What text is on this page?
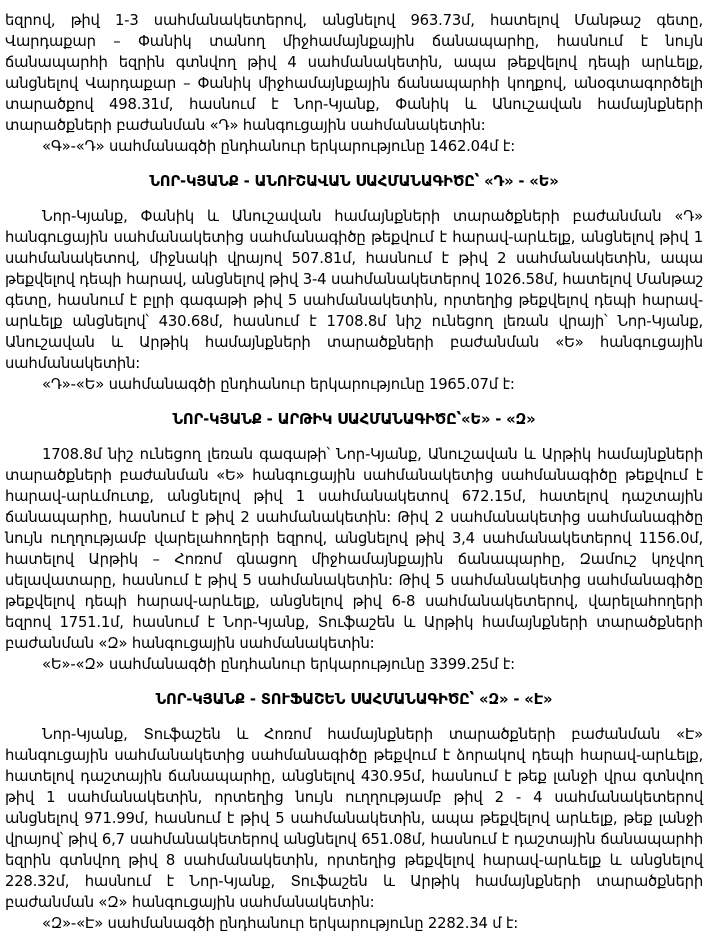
եզրով, թիվ 1-3 սահմանակետերով, անցնելով 963.73մ, հատելով Մանթաշ գետը, Վարդաքար – Փանիկ տանող միջհամայնքային ճանապարհը, հասնում է նույն ճանապարհի եզրին գտնվող թիվ 4 սահմանակետին, ապա թեքվելով դեպի արևելք, անցնելով Վարդաքար – Փանիկ միջհամայնքային ճանապարհի կողքով, անօգտագործելի տարածքով 498.31մ, հասնում է Նոր-Կյանք, Փանիկ և Անուշավան համայնքների տարածքների բաժանման «Դ» հանգուցային սահմանակետին:

«Գ»-«Դ» սահմանագծի ընդհանուր երկարությունը 1462.04մ է:

ՆՈՐ-ԿՅԱՆՔ - ԱՆՈՒՇԱՎԱՆ ՍԱՀՄԱՆԱԳԻԾԸ՝ «Դ» - «Ե»

Նոր-Կյանք, Փանիկ և Անուշավան համայնքների տարածքների բաժանման «Դ» հանգուցային սահմանակետից սահմանագիծը թեքվում է հարավ-արևելք, անցնելով թիվ 1 սահմանակետով, միջնակի վրայով 507.81մ, հասնում է թիվ 2 սահմանակետին, ապա թեքվելով դեպի հարավ, անցնելով թիվ 3-4 սահմանակետերով 1026.58մ, հատելով Մանթաշ գետը, հասնում է բլրի գագաթի թիվ 5 սահմանակետին, որտեղից թեքվելով դեպի հարավ-արևելք անցնելով՝ 430.68մ, հասնում է 1708.8մ նիշ ունեցող լեռան վրայի՝ Նոր-Կյանք, Անուշավան և Արթիկ համայնքների տարածքների բաժանման «Ե» հանգուցային սահմանակետին:

«Դ»-«Ե» սահմանագծի ընդհանուր երկարությունը 1965.07մ է:

ՆՈՐ-ԿՅԱՆՔ - ԱՐԹԻԿ ՍԱՀՄԱՆԱԳԻԾԸ՝«Ե» - «Զ»

1708.8մ նիշ ունեցող լեռան գագաթի՝ Նոր-Կյանք, Անուշավան և Արթիկ համայնքների տարածքների բաժանման «Ե» հանգուցային սահմանակետից սահմանագիծը թեքվում է հարավ-արևմուտք, անցնելով թիվ 1 սահմանակետով 672.15մ, հատելով դաշտային ճանապարհը, հասնում է թիվ 2 սահմանակետին: Թիվ 2 սահմանակետից սահմանագիծը նույն ուղղությամբ վարելահողերի եզրով, անցնելով թիվ 3,4 սահմանակետերով 1156.0մ, հատելով Արթիկ – Հոռոմ գնացող միջհամայնքային ճանապարհը, Զամուշ կոչվող սելավատարը, հասնում է թիվ 5 սահմանակետին: Թիվ 5 սահմանակետից սահմանագիծը թեքվելով դեպի հարավ-արևելք, անցնելով թիվ 6-8 սահմանակետերով, վարելահողերի եզրով 1751.1մ, հասնում է Նոր-Կյանք, Տուֆաշեն և Արթիկ համայնքների տարածքների բաժանման «Զ» հանգուցային սահմանակետին:

«Ե»-«Զ» սահմանագծի ընդհանուր երկարությունը 3399.25մ է:

ՆՈՐ-ԿՅԱՆՔ - ՏՈՒՖԱՇԵՆ ՍԱՀՄԱՆԱԳԻԾԸ՝ «Զ» - «Է»

Նոր-Կյանք, Տուֆաշեն և Հոռոմ համայնքների տարածքների բաժանման «Է» հանգուցային սահմանակետից սահմանագիծը թեքվում է ձորակով դեպի հարավ-արևելք, հատելով դաշտային ճանապարհը, անցնելով 430.95մ, հասնում է թեք լանջի վրա գտնվող թիվ 1 սահմանակետին, որտեղից նույն ուղղությամբ թիվ 2 - 4 սահմանակետերով անցնելով 971.99մ, հասնում է թիվ 5 սահմանակետին, ապա թեքվելով արևելք, թեք լանջի վրայով՝ թիվ 6,7 սահմանակետերով անցնելով 651.08մ, հասնում է դաշտային ճանապարհի եզրին գտնվող թիվ 8 սահմանակետին, որտեղից թեքվելով հարավ-արևելք և անցնելով 228.32մ, հասնում է Նոր-Կյանք, Տուֆաշեն և Արթիկ համայնքների տարածքների բաժանման «Զ» հանգուցային սահմանակետին:

«Զ»-«Է» սահմանագծի ընդհանուր երկարությունը 2282.34 մ է:
